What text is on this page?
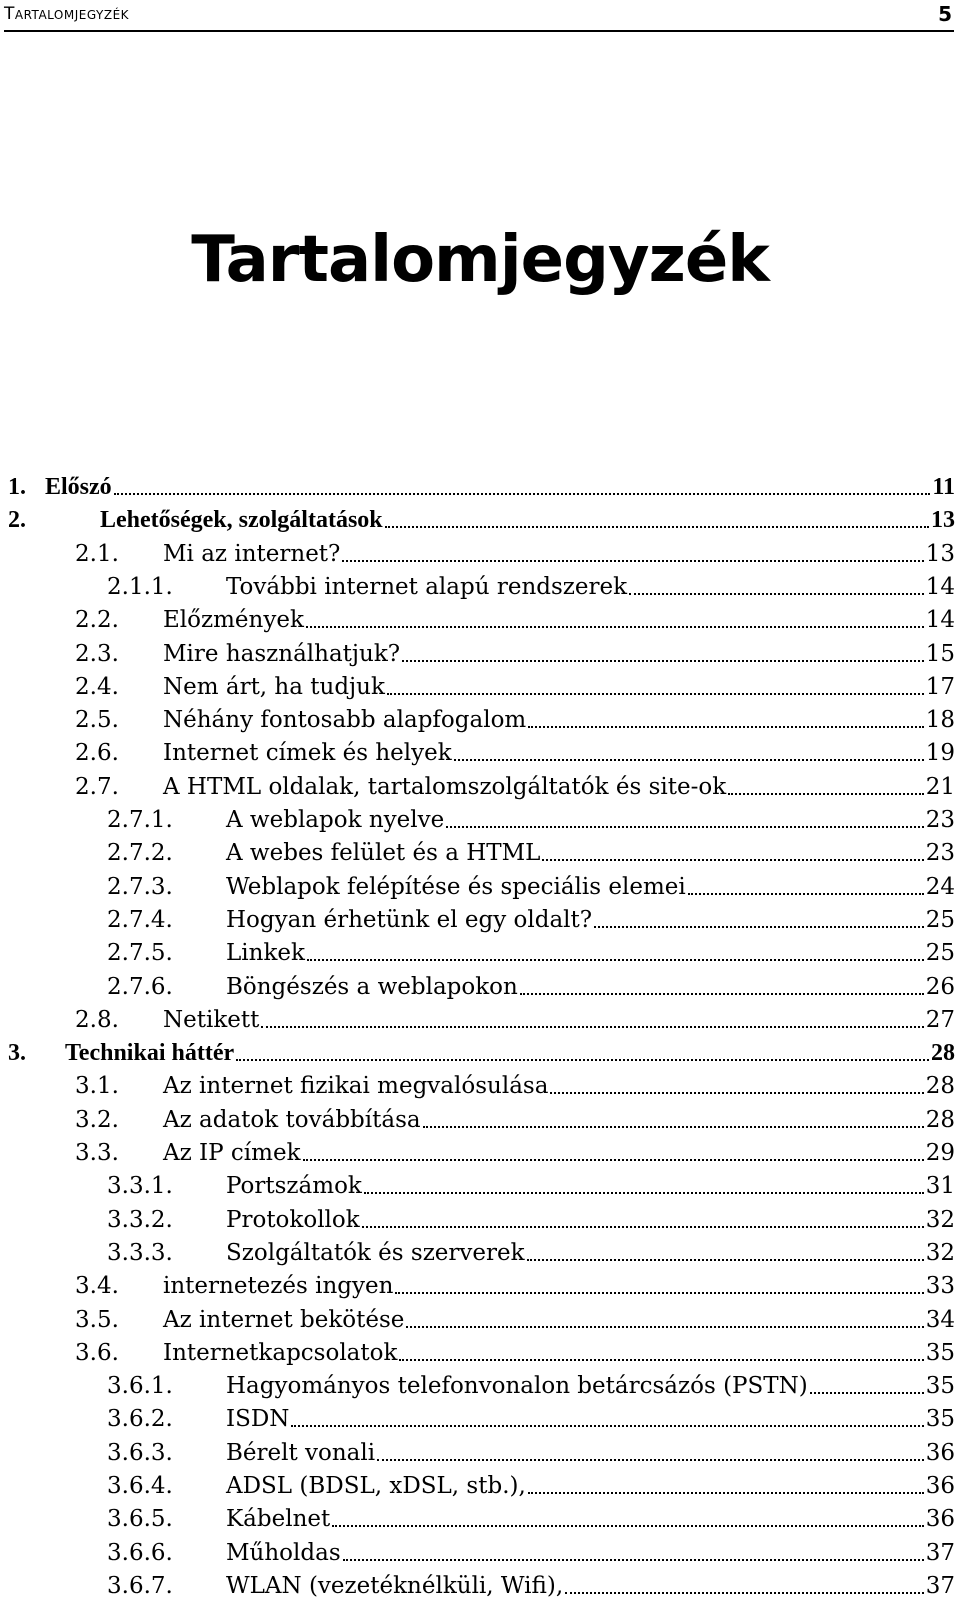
Tartalomjegyzék	5
Tartalomjegyzék
1. Előszó	11
2.	Lehetőségek, szolgáltatások	13
2.1.	Mi az internet?	13
2.1.1.	További internet alapú rendszerek	14
2.2.	Előzmények	14
2.3.	Mire használhatjuk?	15
2.4.	Nem árt, ha tudjuk	17
2.5.	Néhány fontosabb alapfogalom	18
2.6.	Internet címek és helyek	19
2.7.	A HTML oldalak, tartalomszolgáltatók és site-ok	21
2.7.1.	A weblapok nyelve	23
2.7.2.	A webes felület és a HTML	23
2.7.3.	Weblapok felépítése és speciális elemei	24
2.7.4.	Hogyan érhetünk el egy oldalt?	25
2.7.5.	Linkek	25
2.7.6.	Böngészés a weblapokon	26
2.8.	Netikett	27
3.	Technikai háttér	28
3.1.	Az internet fizikai megvalósulása	28
3.2.	Az adatok továbbítása	28
3.3.	Az IP címek	29
3.3.1.	Portszámok	31
3.3.2.	Protokollok	32
3.3.3.	Szolgáltatók és szerverek	32
3.4.	internetezés ingyen	33
3.5.	Az internet bekötése	34
3.6.	Internetkapcsolatok	35
3.6.1.	Hagyományos telefonvonalon betárcsázós (PSTN)	35
3.6.2.	ISDN	35
3.6.3.	Bérelt vonali	36
3.6.4.	ADSL (BDSL, xDSL, stb.),	36
3.6.5.	Kábelnet	36
3.6.6.	Műholdas	37
3.6.7.	WLAN (vezetéknélküli, Wifi),	37
